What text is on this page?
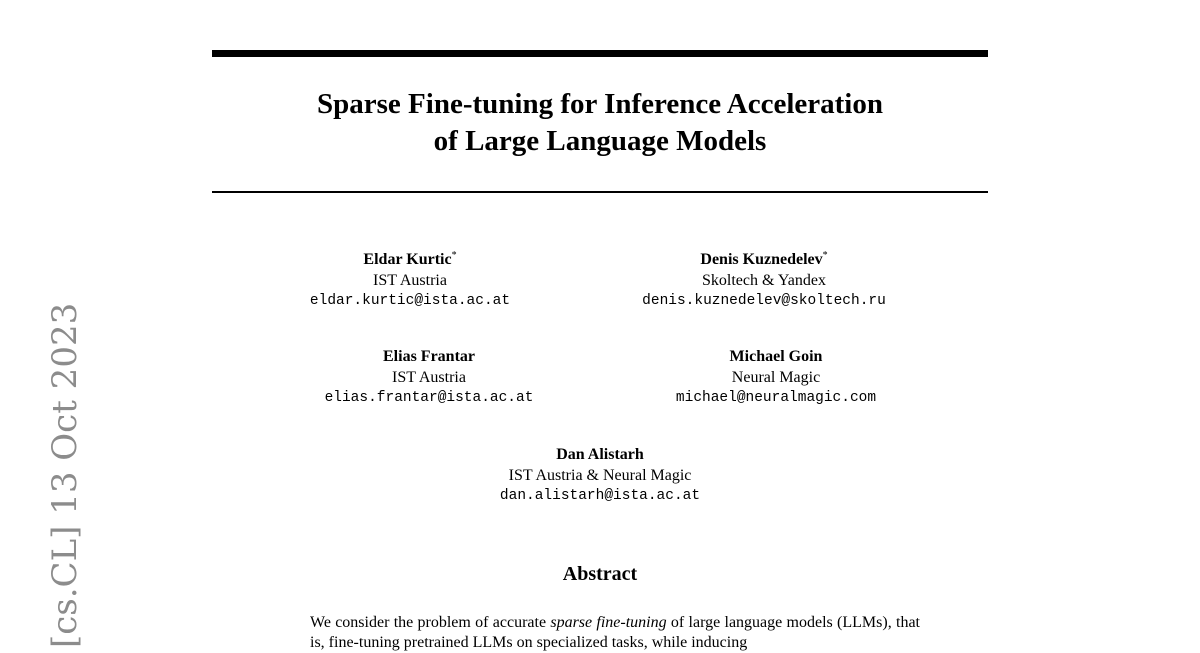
[cs.CL] 13 Oct 2023
Sparse Fine-tuning for Inference Acceleration
of Large Language Models
Eldar Kurtic*
IST Austria
eldar.kurtic@ista.ac.at
Denis Kuznedelev*
Skoltech & Yandex
denis.kuznedelev@skoltech.ru
Elias Frantar
IST Austria
elias.frantar@ista.ac.at
Michael Goin
Neural Magic
michael@neuralmagic.com
Dan Alistarh
IST Austria & Neural Magic
dan.alistarh@ista.ac.at
Abstract
We consider the problem of accurate sparse fine-tuning of large language models (LLMs), that is, fine-tuning pretrained LLMs on specialized tasks, while inducing
